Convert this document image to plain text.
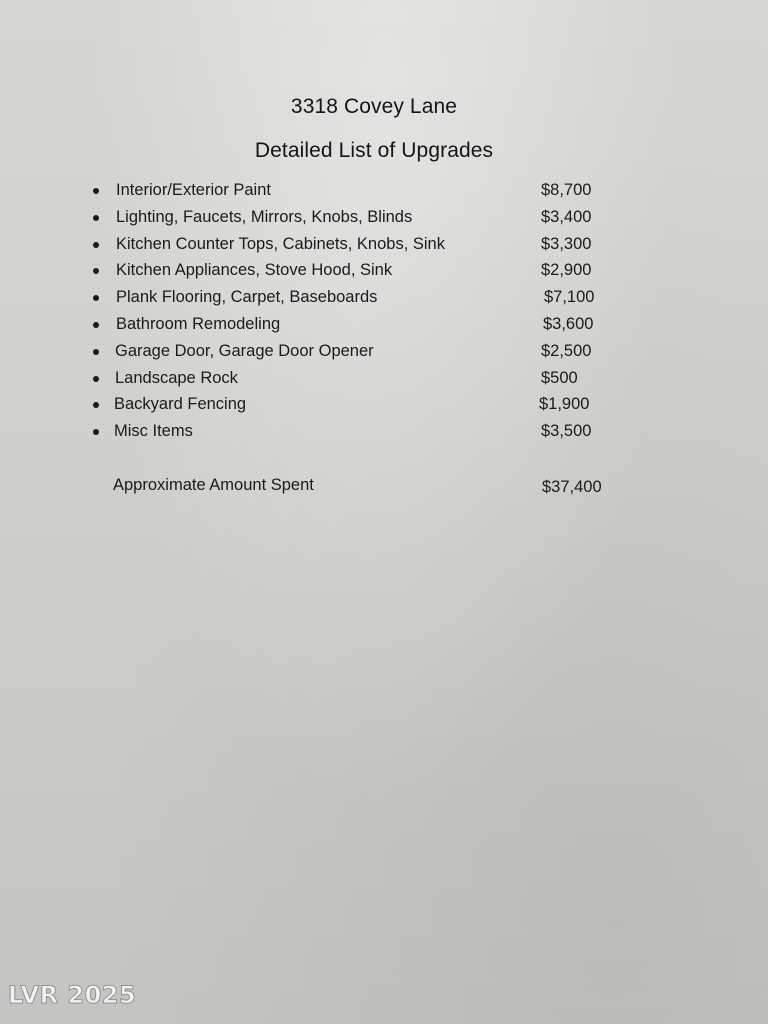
3318 Covey Lane
Detailed List of Upgrades
Interior/Exterior Paint	$8,700
Lighting, Faucets, Mirrors, Knobs, Blinds	$3,400
Kitchen Counter Tops, Cabinets, Knobs, Sink	$3,300
Kitchen Appliances, Stove Hood, Sink	$2,900
Plank Flooring, Carpet, Baseboards	$7,100
Bathroom Remodeling	$3,600
Garage Door, Garage Door Opener	$2,500
Landscape Rock	$500
Backyard Fencing	$1,900
Misc Items	$3,500
Approximate Amount Spent	$37,400
LVR 2025
